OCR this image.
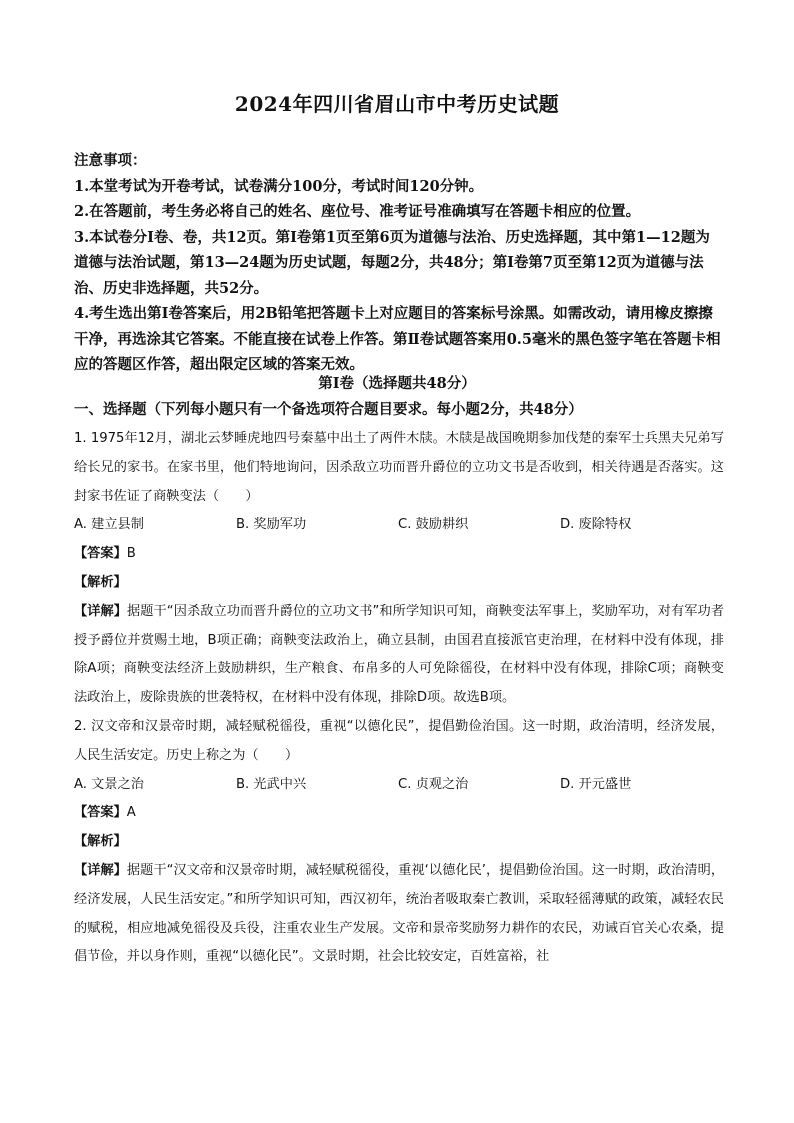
2024年四川省眉山市中考历史试题

注意事项：

1.本堂考试为开卷考试，试卷满分100分，考试时间120分钟。

2.在答题前，考生务必将自己的姓名、座位号、准考证号准确填写在答题卡相应的位置。

3.本试卷分Ⅰ卷、卷，共12页。第Ⅰ卷第1页至第6页为道德与法治、历史选择题，其中第1—12题为道德与法治试题，第13—24题为历史试题，每题2分，共48分；第Ⅰ卷第7页至第12页为道德与法治、历史非选择题，共52分。

4.考生选出第Ⅰ卷答案后，用2B铅笔把答题卡上对应题目的答案标号涂黑。如需改动，请用橡皮擦擦干净，再选涂其它答案。不能直接在试卷上作答。第Ⅱ卷试题答案用0.5毫米的黑色签字笔在答题卡相应的答题区作答，超出限定区域的答案无效。

第Ⅰ卷（选择题共48分）
一、选择题（下列每小题只有一个备选项符合题目要求。每小题2分，共48分）

1. 1975年12月，湖北云梦睡虎地四号秦墓中出土了两件木牍。木牍是战国晚期参加伐楚的秦军士兵黑夫兄弟写给长兄的家书。在家书里，他们特地询问，因杀敌立功而晋升爵位的立功文书是否收到，相关待遇是否落实。这封家书佐证了商鞅变法（　　）

A. 建立县制	B. 奖励军功	C. 鼓励耕织	D. 废除特权

【答案】B

【解析】

【详解】据题干“因杀敌立功而晋升爵位的立功文书”和所学知识可知，商鞅变法军事上，奖励军功，对有军功者授予爵位并赏赐土地，B项正确；商鞅变法政治上，确立县制，由国君直接派官吏治理，在材料中没有体现，排除A项；商鞅变法经济上鼓励耕织，生产粮食、布帛多的人可免除徭役，在材料中没有体现，排除C项；商鞅变法政治上，废除贵族的世袭特权，在材料中没有体现，排除D项。故选B项。

2. 汉文帝和汉景帝时期，减轻赋税徭役，重视“以德化民”，提倡勤俭治国。这一时期，政治清明，经济发展，人民生活安定。历史上称之为（　　）

A. 文景之治	B. 光武中兴	C. 贞观之治	D. 开元盛世

【答案】A

【解析】

【详解】据题干“汉文帝和汉景帝时期，减轻赋税徭役，重视‘以德化民’，提倡勤俭治国。这一时期，政治清明，经济发展，人民生活安定。”和所学知识可知，西汉初年，统治者吸取秦亡教训，采取轻徭薄赋的政策，减轻农民的赋税，相应地减免徭役及兵役，注重农业生产发展。文帝和景帝奖励努力耕作的农民，劝诫百官关心农桑，提倡节俭，并以身作则，重视“以德化民”。文景时期，社会比较安定，百姓富裕，社
